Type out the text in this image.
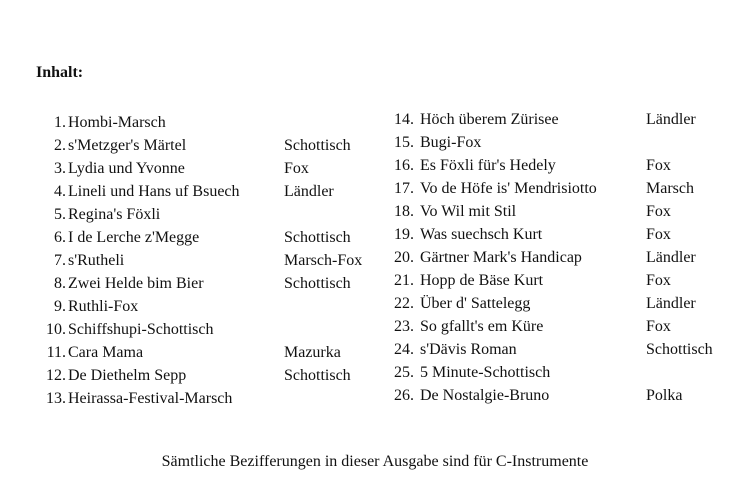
Inhalt:
1. Hombi-Marsch
2. s'Metzger's Märtel	Schottisch
3. Lydia und Yvonne	Fox
4. Lineli und Hans uf Bsuech	Ländler
5. Regina's Föxli
6. I de Lerche z'Megge	Schottisch
7. s'Rutheli	Marsch-Fox
8. Zwei Helde bim Bier	Schottisch
9. Ruthli-Fox
10. Schiffshupi-Schottisch
11. Cara Mama	Mazurka
12. De Diethelm Sepp	Schottisch
13. Heirassa-Festival-Marsch
14. Höch überem Zürisee	Ländler
15. Bugi-Fox
16. Es Föxli für's Hedely	Fox
17. Vo de Höfe is' Mendrisiotto	Marsch
18. Vo Wil mit Stil	Fox
19. Was suechsch Kurt	Fox
20. Gärtner Mark's Handicap	Ländler
21. Hopp de Bäse Kurt	Fox
22. Über d' Sattelegg	Ländler
23. So gfallt's em Küre	Fox
24. s'Dävis Roman	Schottisch
25. 5 Minute-Schottisch
26. De Nostalgie-Bruno	Polka

Sämtliche Bezifferungen in dieser Ausgabe sind für C-Instrumente
